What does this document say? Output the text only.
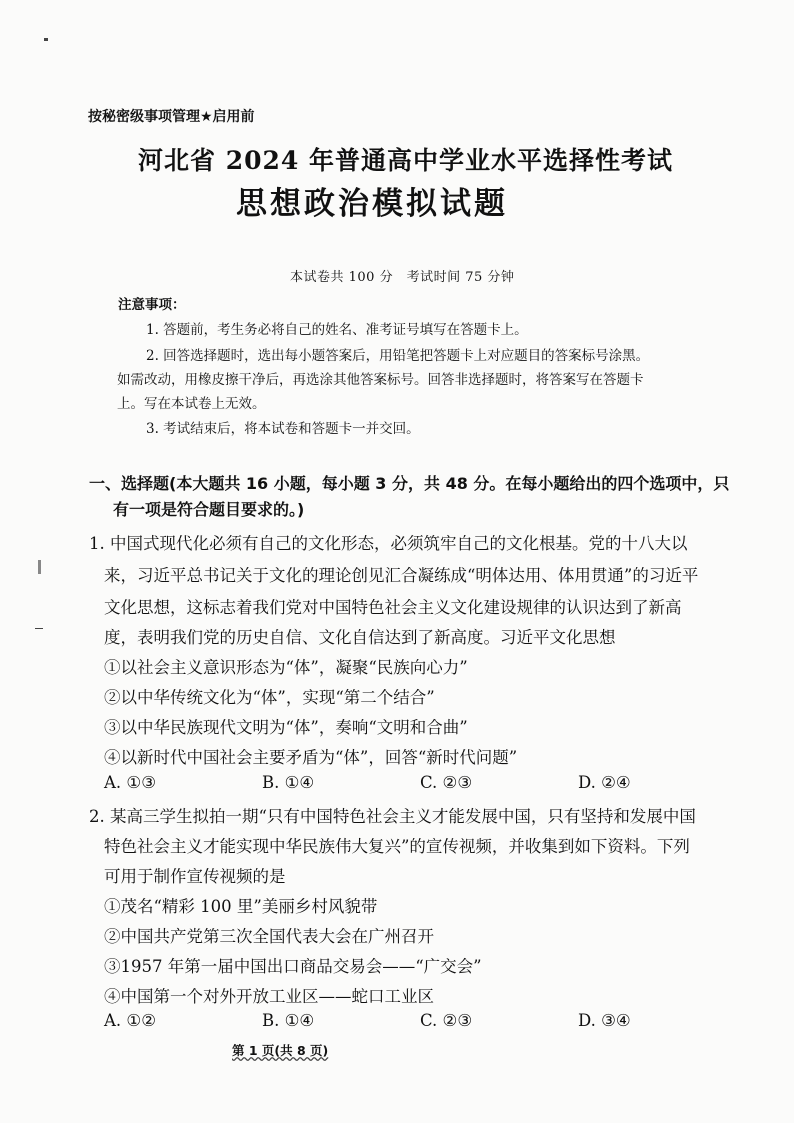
按秘密级事项管理★启用前
河北省 2024 年普通高中学业水平选择性考试
思想政治模拟试题
本试卷共 100 分　考试时间 75 分钟
注意事项：
1. 答题前，考生务必将自己的姓名、准考证号填写在答题卡上。
2. 回答选择题时，选出每小题答案后，用铅笔把答题卡上对应题目的答案标号涂黑。
如需改动，用橡皮擦干净后，再选涂其他答案标号。回答非选择题时，将答案写在答题卡
上。写在本试卷上无效。
3. 考试结束后，将本试卷和答题卡一并交回。
一、选择题(本大题共 16 小题，每小题 3 分，共 48 分。在每小题给出的四个选项中，只
有一项是符合题目要求的。)
1. 中国式现代化必须有自己的文化形态，必须筑牢自己的文化根基。党的十八大以
来，习近平总书记关于文化的理论创见汇合凝练成“明体达用、体用贯通”的习近平
文化思想，这标志着我们党对中国特色社会主义文化建设规律的认识达到了新高
度，表明我们党的历史自信、文化自信达到了新高度。习近平文化思想
①以社会主义意识形态为“体”，凝聚“民族向心力”
②以中华传统文化为“体”，实现“第二个结合”
③以中华民族现代文明为“体”，奏响“文明和合曲”
④以新时代中国社会主要矛盾为“体”，回答“新时代问题”
A. ①③	B. ①④	C. ②③	D. ②④
2. 某高三学生拟拍一期“只有中国特色社会主义才能发展中国，只有坚持和发展中国
特色社会主义才能实现中华民族伟大复兴”的宣传视频，并收集到如下资料。下列
可用于制作宣传视频的是
①茂名“精彩 100 里”美丽乡村风貌带
②中国共产党第三次全国代表大会在广州召开
③1957 年第一届中国出口商品交易会——“广交会”
④中国第一个对外开放工业区——蛇口工业区
A. ①②	B. ①④	C. ②③	D. ③④
第 1 页(共 8 页)
